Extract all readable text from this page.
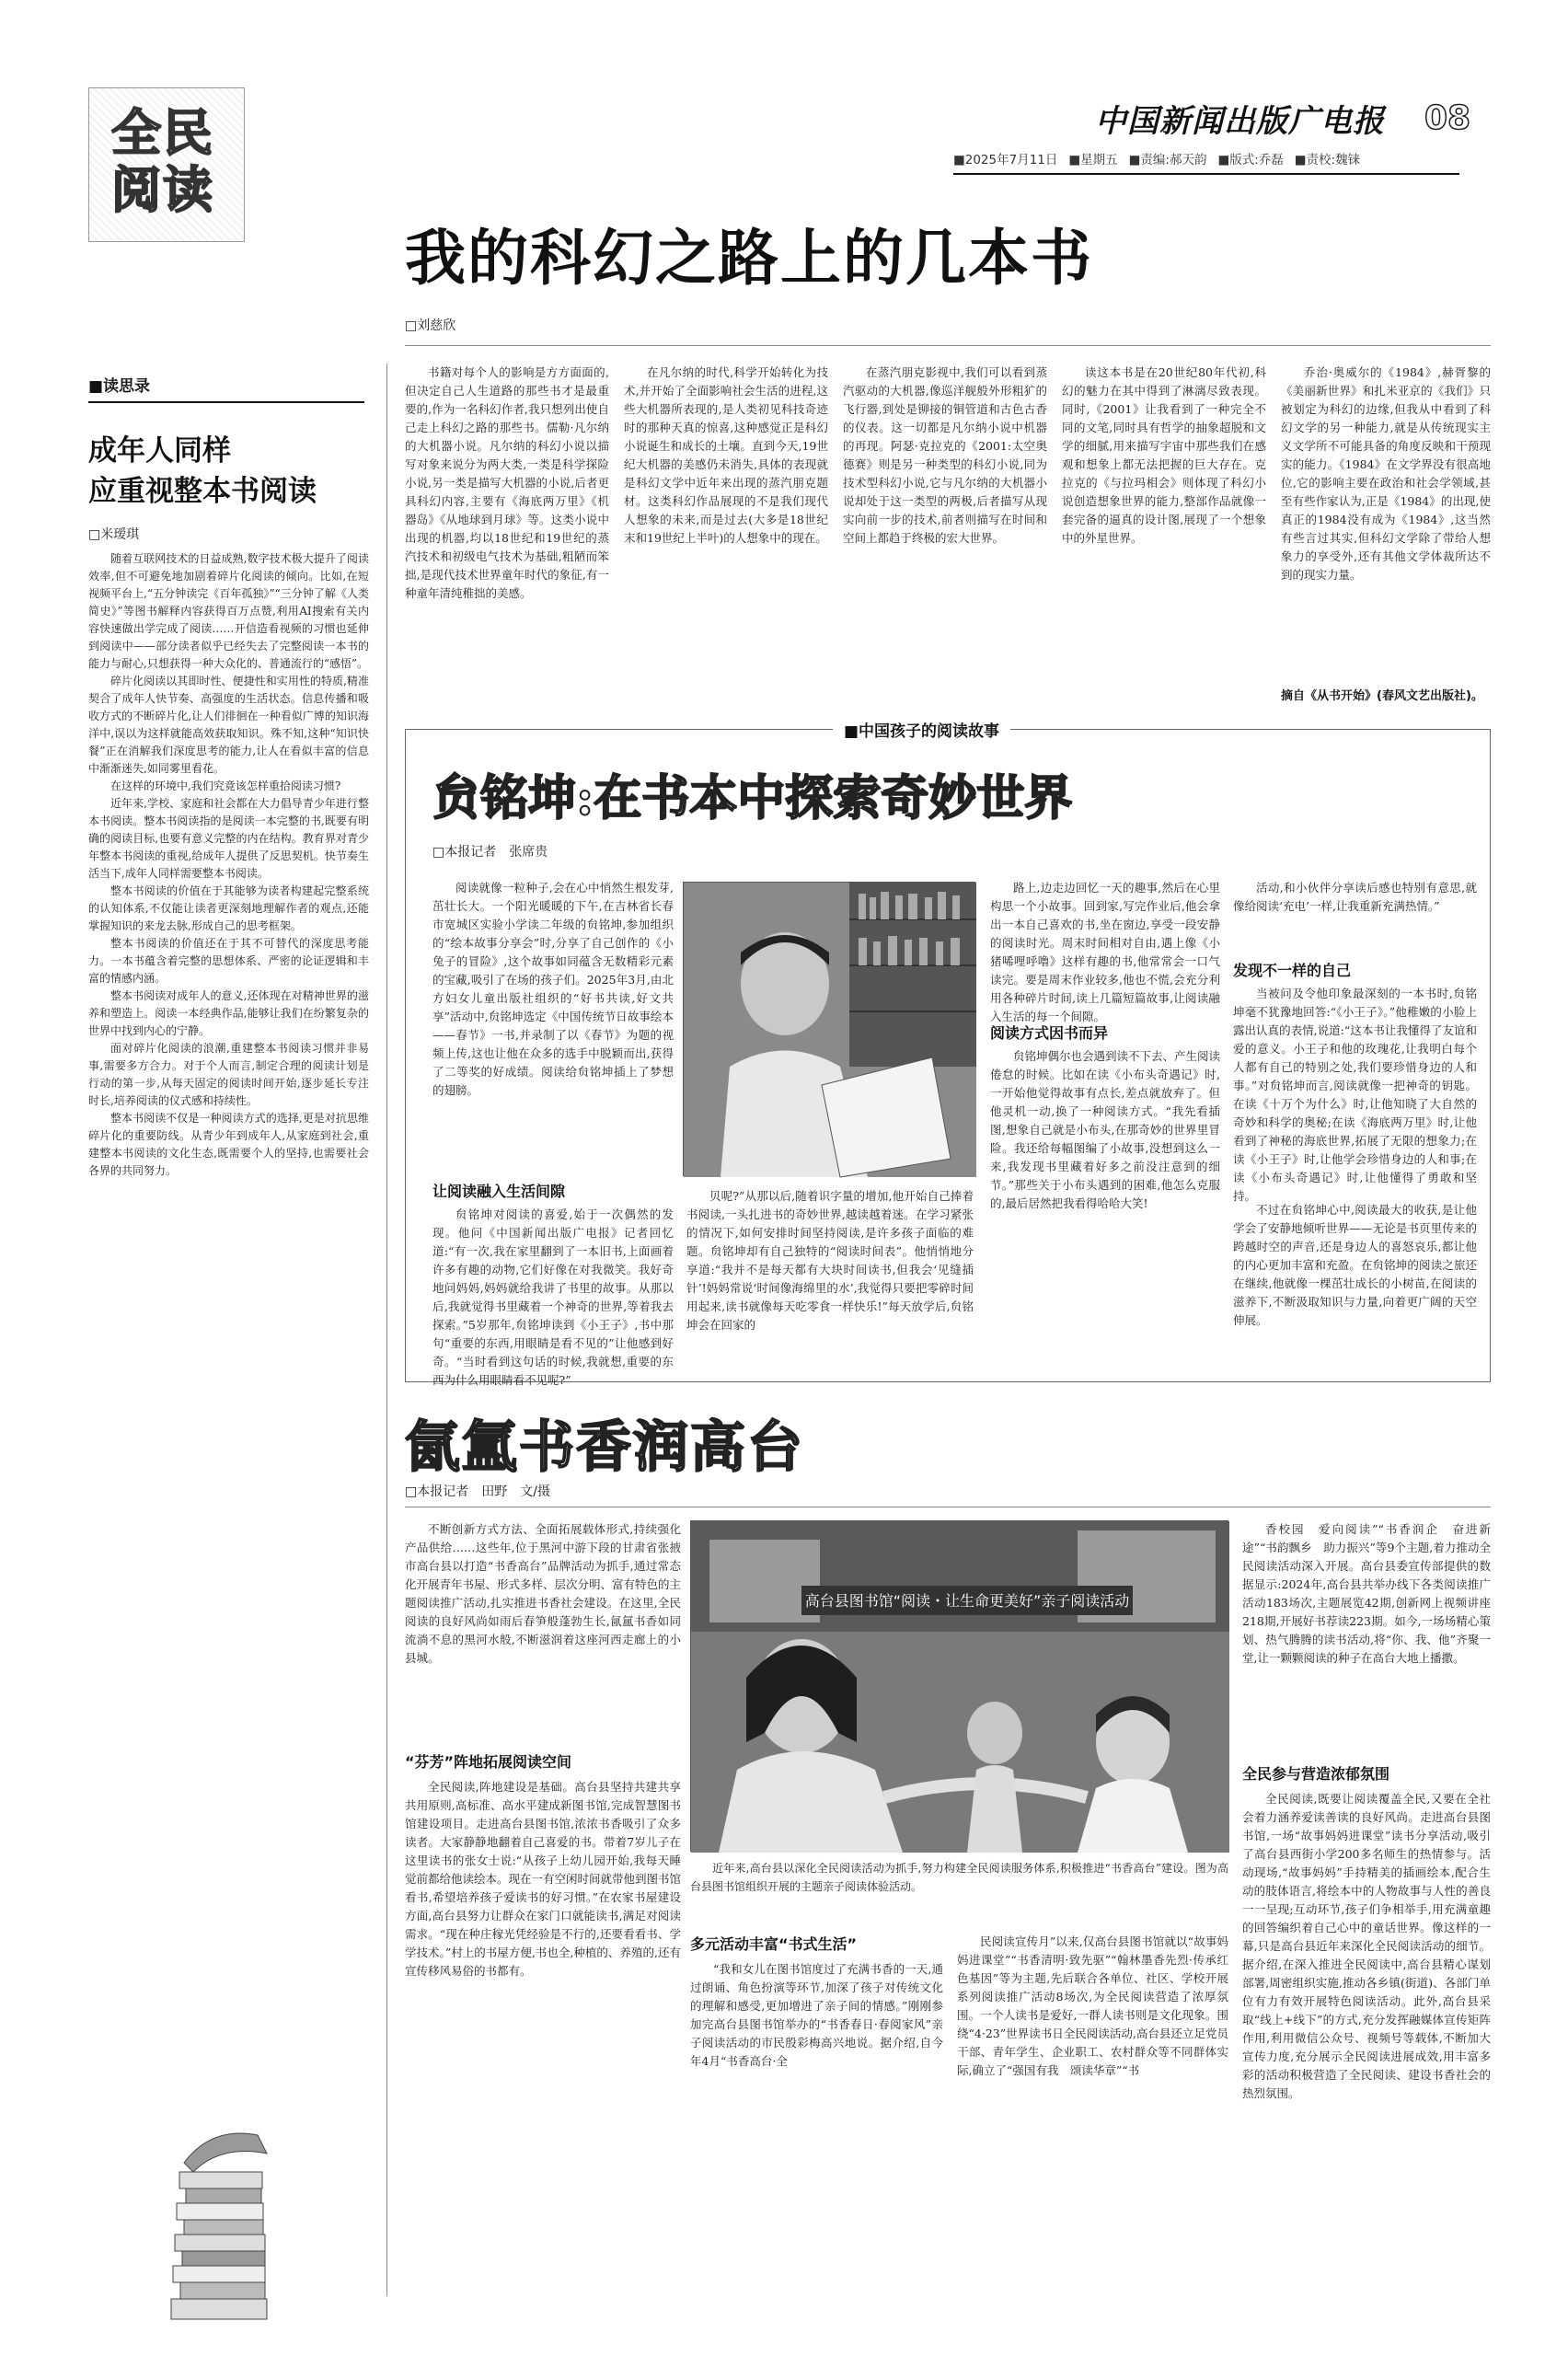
全民阅读
中国新闻出版广电报 08
■2025年7月11日 ■星期五 ■责编:郝天韵 ■版式:乔磊 ■责校:魏铼
■读思录
成年人同样
应重视整本书阅读
□米瑷琪

随着互联网技术的日益成熟,数字技术极大提升了阅读效率,但不可避免地加剧着碎片化阅读的倾向。比如,在短视频平台上,“五分钟读完《百年孤独》”“三分钟了解《人类简史》”等图书解释内容获得百万点赞,利用AI搜索有关内容快速做出学完成了阅读……开信造看视频的习惯也延伸到阅读中——部分读者似乎已经失去了完整阅读一本书的能力与耐心,只想获得一种大众化的、普通流行的“感悟”。

碎片化阅读以其即时性、便捷性和实用性的特质,精准契合了成年人快节奏、高强度的生活状态。信息传播和吸收方式的不断碎片化,让人们徘徊在一种看似广博的知识海洋中,误以为这样就能高效获取知识。殊不知,这种“知识快餐”正在消解我们深度思考的能力,让人在看似丰富的信息中渐渐迷失,如同雾里看花。

在这样的环境中,我们究竟该怎样重拾阅读习惯?

近年来,学校、家庭和社会都在大力倡导青少年进行整本书阅读。整本书阅读指的是阅读一本完整的书,既要有明确的阅读目标,也要有意义完整的内在结构。教育界对青少年整本书阅读的重视,给成年人提供了反思契机。快节奏生活当下,成年人同样需要整本书阅读。

整本书阅读的价值在于其能够为读者构建起完整系统的认知体系,不仅能让读者更深刻地理解作者的观点,还能掌握知识的来龙去脉,形成自己的思考框架。

整本书阅读的价值还在于其不可替代的深度思考能力。一本书蕴含着完整的思想体系、严密的论证逻辑和丰富的情感内涵。

整本书阅读对成年人的意义,还体现在对精神世界的滋养和塑造上。阅读一本经典作品,能够让我们在纷繁复杂的世界中找到内心的宁静。

面对碎片化阅读的浪潮,重建整本书阅读习惯并非易事,需要多方合力。对于个人而言,制定合理的阅读计划是行动的第一步,从每天固定的阅读时间开始,逐步延长专注时长,培养阅读的仪式感和持续性。

整本书阅读不仅是一种阅读方式的选择,更是对抗思维碎片化的重要防线。从青少年到成年人,从家庭到社会,重建整本书阅读的文化生态,既需要个人的坚持,也需要社会各界的共同努力。

我的科幻之路上的几本书
□刘慈欣

书籍对每个人的影响是方方面面的,但决定自己人生道路的那些书才是最重要的,作为一名科幻作者,我只想列出使自己走上科幻之路的那些书。儒勒·凡尔纳的大机器小说。凡尔纳的科幻小说以描写对象来说分为两大类,一类是科学探险小说,另一类是描写大机器的小说,后者更具科幻内容,主要有《海底两万里》《机器岛》《从地球到月球》等。这类小说中出现的机器,均以18世纪和19世纪的蒸汽技术和初级电气技术为基础,粗陋而笨拙,是现代技术世界童年时代的象征,有一种童年清纯稚拙的美感。

在凡尔纳的时代,科学开始转化为技术,并开始了全面影响社会生活的进程,这些大机器所表现的,是人类初见科技奇迹时的那种天真的惊喜,这种感觉正是科幻小说诞生和成长的土壤。直到今天,19世纪大机器的美感仍未消失,具体的表现就是科幻文学中近年来出现的蒸汽朋克题材。这类科幻作品展现的不是我们现代人想象的未来,而是过去(大多是18世纪末和19世纪上半叶)的人想象中的现在。

在蒸汽朋克影视中,我们可以看到蒸汽驱动的大机器,像巡洋舰般外形粗犷的飞行器,到处是铆接的铜管道和古色古香的仪表。这一切都是凡尔纳小说中机器的再现。阿瑟·克拉克的《2001:太空奥德赛》则是另一种类型的科幻小说,同为技术型科幻小说,它与凡尔纳的大机器小说却处于这一类型的两极,后者描写从现实向前一步的技术,前者则描写在时间和空间上都趋于终极的宏大世界。

读这本书是在20世纪80年代初,科幻的魅力在其中得到了淋漓尽致表现。同时,《2001》让我看到了一种完全不同的文笔,同时具有哲学的抽象超脱和文学的细腻,用来描写宇宙中那些我们在感观和想象上都无法把握的巨大存在。克拉克的《与拉玛相会》则体现了科幻小说创造想象世界的能力,整部作品就像一套完备的逼真的设计图,展现了一个想象中的外星世界。

乔治·奥威尔的《1984》,赫胥黎的《美丽新世界》和扎米亚京的《我们》只被划定为科幻的边缘,但我从中看到了科幻文学的另一种能力,就是从传统现实主义文学所不可能具备的角度反映和干预现实的能力。《1984》在文学界没有很高地位,它的影响主要在政治和社会学领域,甚至有些作家认为,正是《1984》的出现,使真正的1984没有成为《1984》,这当然有些言过其实,但科幻文学除了带给人想象力的享受外,还有其他文学体裁所达不到的现实力量。

摘自《从书开始》(春风文艺出版社)。
■中国孩子的阅读故事
贠铭坤:在书本中探索奇妙世界
□本报记者　张席贵

阅读就像一粒种子,会在心中悄然生根发芽,茁壮长大。一个阳光暖暖的下午,在吉林省长春市宽城区实验小学读二年级的贠铭坤,参加组织的“绘本故事分享会”时,分享了自己创作的《小兔子的冒险》,这个故事如同蕴含无数精彩元素的宝藏,吸引了在场的孩子们。2025年3月,由北方妇女儿童出版社组织的“好书共读,好文共享”活动中,贠铭坤选定《中国传统节日故事绘本——春节》一书,并录制了以《春节》为题的视频上传,这也让他在众多的选手中脱颖而出,获得了二等奖的好成绩。阅读给贠铭坤插上了梦想的翅膀。

让阅读融入生活间隙

贠铭坤对阅读的喜爱,始于一次偶然的发现。他问《中国新闻出版广电报》记者回忆道:“有一次,我在家里翻到了一本旧书,上面画着许多有趣的动物,它们好像在对我微笑。我好奇地问妈妈,妈妈就给我讲了书里的故事。从那以后,我就觉得书里藏着一个神奇的世界,等着我去探索。”5岁那年,贠铭坤读到《小王子》,书中那句“重要的东西,用眼睛是看不见的”让他感到好奇。“当时看到这句话的时候,我就想,重要的东西为什么用眼睛看不见呢?”

贝呢?”从那以后,随着识字量的增加,他开始自己捧着书阅读,一头扎进书的奇妙世界,越读越着迷。在学习紧张的情况下,如何安排时间坚持阅读,是许多孩子面临的难题。贠铭坤却有自己独特的“阅读时间表”。他悄悄地分享道:“我并不是每天都有大块时间读书,但我会‘见缝插针’!妈妈常说‘时间像海绵里的水’,我觉得只要把零碎时间用起来,读书就像每天吃零食一样快乐!”每天放学后,贠铭坤会在回家的

路上,边走边回忆一天的趣事,然后在心里构思一个小故事。回到家,写完作业后,他会拿出一本自己喜欢的书,坐在窗边,享受一段安静的阅读时光。周末时间相对自由,遇上像《小猪唏哩呼噜》这样有趣的书,他常常会一口气读完。要是周末作业较多,他也不慌,会充分利用各种碎片时间,读上几篇短篇故事,让阅读融入生活的每一个间隙。

阅读方式因书而异

贠铭坤偶尔也会遇到读不下去、产生阅读倦怠的时候。比如在读《小布头奇遇记》时,一开始他觉得故事有点长,差点就放弃了。但他灵机一动,换了一种阅读方式。“我先看插图,想象自己就是小布头,在那奇妙的世界里冒险。我还给每幅图编了小故事,没想到这么一来,我发现书里藏着好多之前没注意到的细节。”那些关于小布头遇到的困难,他怎么克服的,最后居然把我看得哈哈大笑!

活动,和小伙伴分享读后感也特别有意思,就像给阅读‘充电’一样,让我重新充满热情。”

发现不一样的自己

当被问及令他印象最深刻的一本书时,贠铭坤毫不犹豫地回答:“《小王子》。”他稚嫩的小脸上露出认真的表情,说道:“这本书让我懂得了友谊和爱的意义。小王子和他的玫瑰花,让我明白每个人都有自己的特别之处,我们要珍惜身边的人和事。”对贠铭坤而言,阅读就像一把神奇的钥匙。在读《十万个为什么》时,让他知晓了大自然的奇妙和科学的奥秘;在读《海底两万里》时,让他看到了神秘的海底世界,拓展了无限的想象力;在读《小王子》时,让他学会珍惜身边的人和事;在读《小布头奇遇记》时,让他懂得了勇敢和坚持。

不过在贠铭坤心中,阅读最大的收获,是让他学会了安静地倾听世界——无论是书页里传来的跨越时空的声音,还是身边人的喜怒哀乐,都让他的内心更加丰富和充盈。在贠铭坤的阅读之旅还在继续,他就像一棵茁壮成长的小树苗,在阅读的滋养下,不断汲取知识与力量,向着更广阔的天空伸展。

氤氲书香润高台
□本报记者　田野　文/摄

不断创新方式方法、全面拓展载体形式,持续强化产品供给……这些年,位于黑河中游下段的甘肃省张掖市高台县以打造“书香高台”品牌活动为抓手,通过常态化开展青年书屋、形式多样、层次分明、富有特色的主题阅读推广活动,扎实推进书香社会建设。在这里,全民阅读的良好风尚如雨后春笋般蓬勃生长,氤氲书香如同流淌不息的黑河水般,不断滋润着这座河西走廊上的小县城。

“芬芳”阵地拓展阅读空间

全民阅读,阵地建设是基础。高台县坚持共建共享共用原则,高标准、高水平建成新图书馆,完成智慧图书馆建设项目。走进高台县图书馆,浓浓书香吸引了众多读者。大家静静地翻着自己喜爱的书。带着7岁儿子在这里读书的张女士说:“从孩子上幼儿园开始,我每天睡觉前都给他读绘本。现在一有空闲时间就带他到图书馆看书,希望培养孩子爱读书的好习惯。”在农家书屋建设方面,高台县努力让群众在家门口就能读书,满足对阅读需求。“现在种庄稼光凭经验是不行的,还要看看书、学学技术。”村上的书屋方便,书也全,种植的、养殖的,还有宣传移风易俗的书都有。

高台县图书馆“阅读・让生命更美好”亲子阅读活动

近年来,高台县以深化全民阅读活动为抓手,努力构建全民阅读服务体系,积极推进“书香高台”建设。图为高台县图书馆组织开展的主题亲子阅读体验活动。

多元活动丰富“书式生活”

“我和女儿在图书馆度过了充满书香的一天,通过朗诵、角色扮演等环节,加深了孩子对传统文化的理解和感受,更加增进了亲子间的情感。”刚刚参加完高台县图书馆举办的“书香春日·春阅家风”亲子阅读活动的市民殷彩梅高兴地说。据介绍,自今年4月“书香高台·全

民阅读宣传月”以来,仅高台县图书馆就以“故事妈妈进课堂”“书香清明·致先驱”“翰林墨香先烈·传承红色基因”等为主题,先后联合各单位、社区、学校开展系列阅读推广活动8场次,为全民阅读营造了浓厚氛围。一个人读书是爱好,一群人读书则是文化现象。围绕“4·23”世界读书日全民阅读活动,高台县还立足党员干部、青年学生、企业职工、农村群众等不同群体实际,确立了“强国有我　颂读华章”“书

香校园　爱向阅读”“书香润企　奋进新途”“书韵飘乡　助力振兴”等9个主题,着力推动全民阅读活动深入开展。高台县委宣传部提供的数据显示:2024年,高台县共举办线下各类阅读推广活动183场次,主题展览42期,创新网上视频讲座218期,开展好书荐读223期。如今,一场场精心策划、热气腾腾的读书活动,将“你、我、他”齐聚一堂,让一颗颗阅读的种子在高台大地上播撒。

全民参与营造浓郁氛围

全民阅读,既要让阅读覆盖全民,又要在全社会着力涵养爱读善读的良好风尚。走进高台县图书馆,一场“故事妈妈进课堂”读书分享活动,吸引了高台县西街小学200多名师生的热情参与。活动现场,“故事妈妈”手持精美的插画绘本,配合生动的肢体语言,将绘本中的人物故事与人性的善良一一呈现;互动环节,孩子们争相举手,用充满童趣的回答编织着自己心中的童话世界。像这样的一幕,只是高台县近年来深化全民阅读活动的细节。据介绍,在深入推进全民阅读中,高台县精心谋划部署,周密组织实施,推动各乡镇(街道)、各部门单位有力有效开展特色阅读活动。此外,高台县采取“线上+线下”的方式,充分发挥融媒体宣传矩阵作用,利用微信公众号、视频号等载体,不断加大宣传力度,充分展示全民阅读进展成效,用丰富多彩的活动积极营造了全民阅读、建设书香社会的热烈氛围。
